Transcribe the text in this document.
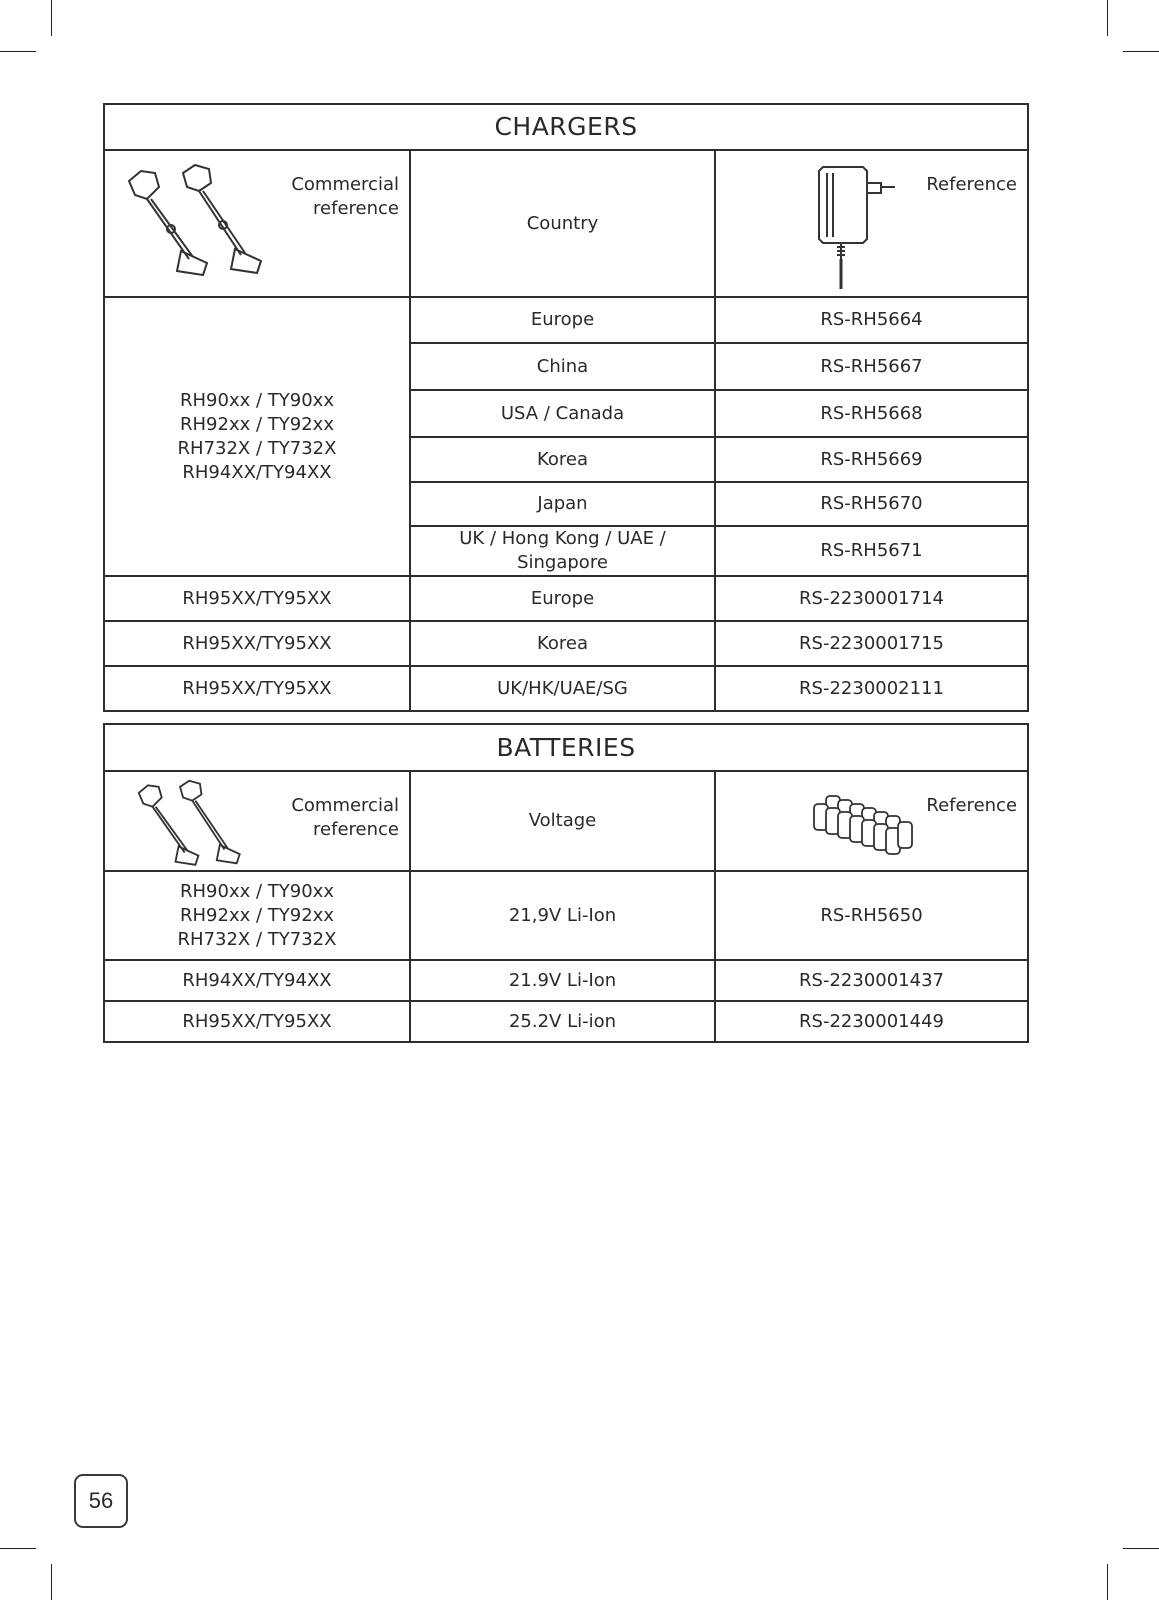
CHARGERS		

Commercial
reference	Country	Reference

RH90xx / TY90xx
RH92xx / TY92xx
RH732X / TY732X
RH94XX/TY94XX	Europe	RS-RH5664
	China	RS-RH5667
	USA / Canada	RS-RH5668
	Korea	RS-RH5669
	Japan	RS-RH5670
	UK / Hong Kong / UAE / Singapore	RS-RH5671
RH95XX/TY95XX	Europe	RS-2230001714
RH95XX/TY95XX	Korea	RS-2230001715
RH95XX/TY95XX	UK/HK/UAE/SG	RS-2230002111
BATTERIES		

Commercial
reference	Voltage	Reference

RH90xx / TY90xx
RH92xx / TY92xx
RH732X / TY732X	21,9V Li-Ion	RS-RH5650
RH94XX/TY94XX	21.9V Li-Ion	RS-2230001437
RH95XX/TY95XX	25.2V Li-ion	RS-2230001449
56
